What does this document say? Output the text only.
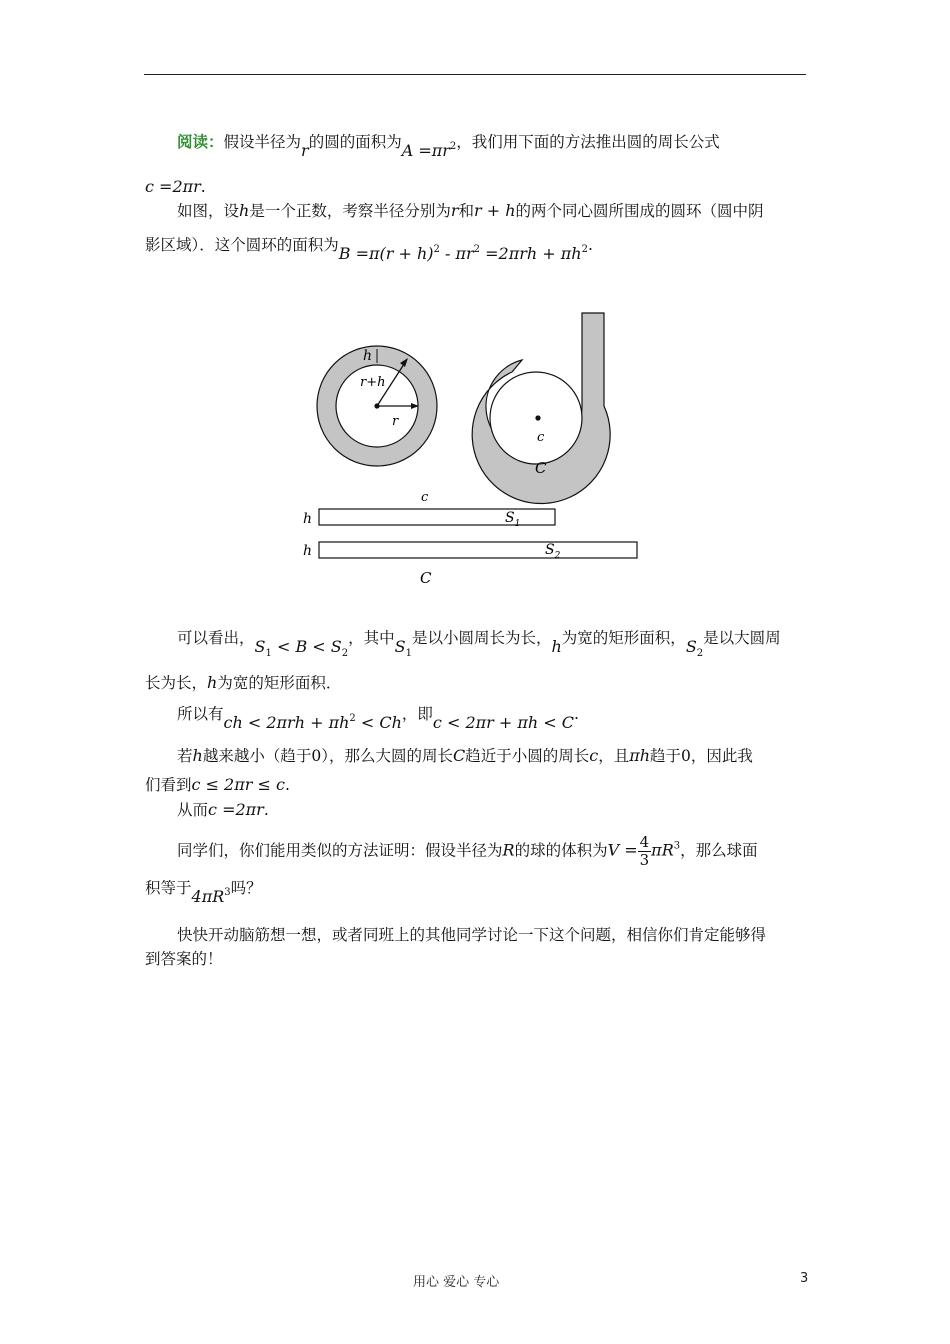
阅读：假设半径为r的圆的面积为$A =\pi r^2$，我们用下面的方法推出圆的周长公式
c =2πr.
如图，设h是一个正数，考察半径分别为r和r + h的两个同心圆所围成的圆环（圆中阴
影区域）．这个圆环的面积为$B =\pi(r + h)^2 - \pi r^2 =2\pi rh + \pi h^2$.
h
r+h
r
c
C
c
h	$S_1$
h	$S_2$
C
可以看出，$S_1 < B < S_2$，其中$S_1$是以小圆周长为长，h为宽的矩形面积，$S_2$是以大圆周
长为长，h为宽的矩形面积．
所以有ch < $2\pi rh + \pi h^2 < Ch$，即c < 2πr + πh < C.
若h越来越小（趋于0），那么大圆的周长C趋近于小圆的周长c，且πh趋于0，因此我
们看到c ≤ 2πr ≤ c.
从而c =2πr.
同学们，你们能用类似的方法证明：假设半径为R的球的体积为$V = \frac{4}{3} \pi R^3$，那么球面
积等于$4\pi R^3$吗？
快快开动脑筋想一想，或者同班上的其他同学讨论一下这个问题，相信你们肯定能够得
到答案的！
用心 爱心 专心	3
